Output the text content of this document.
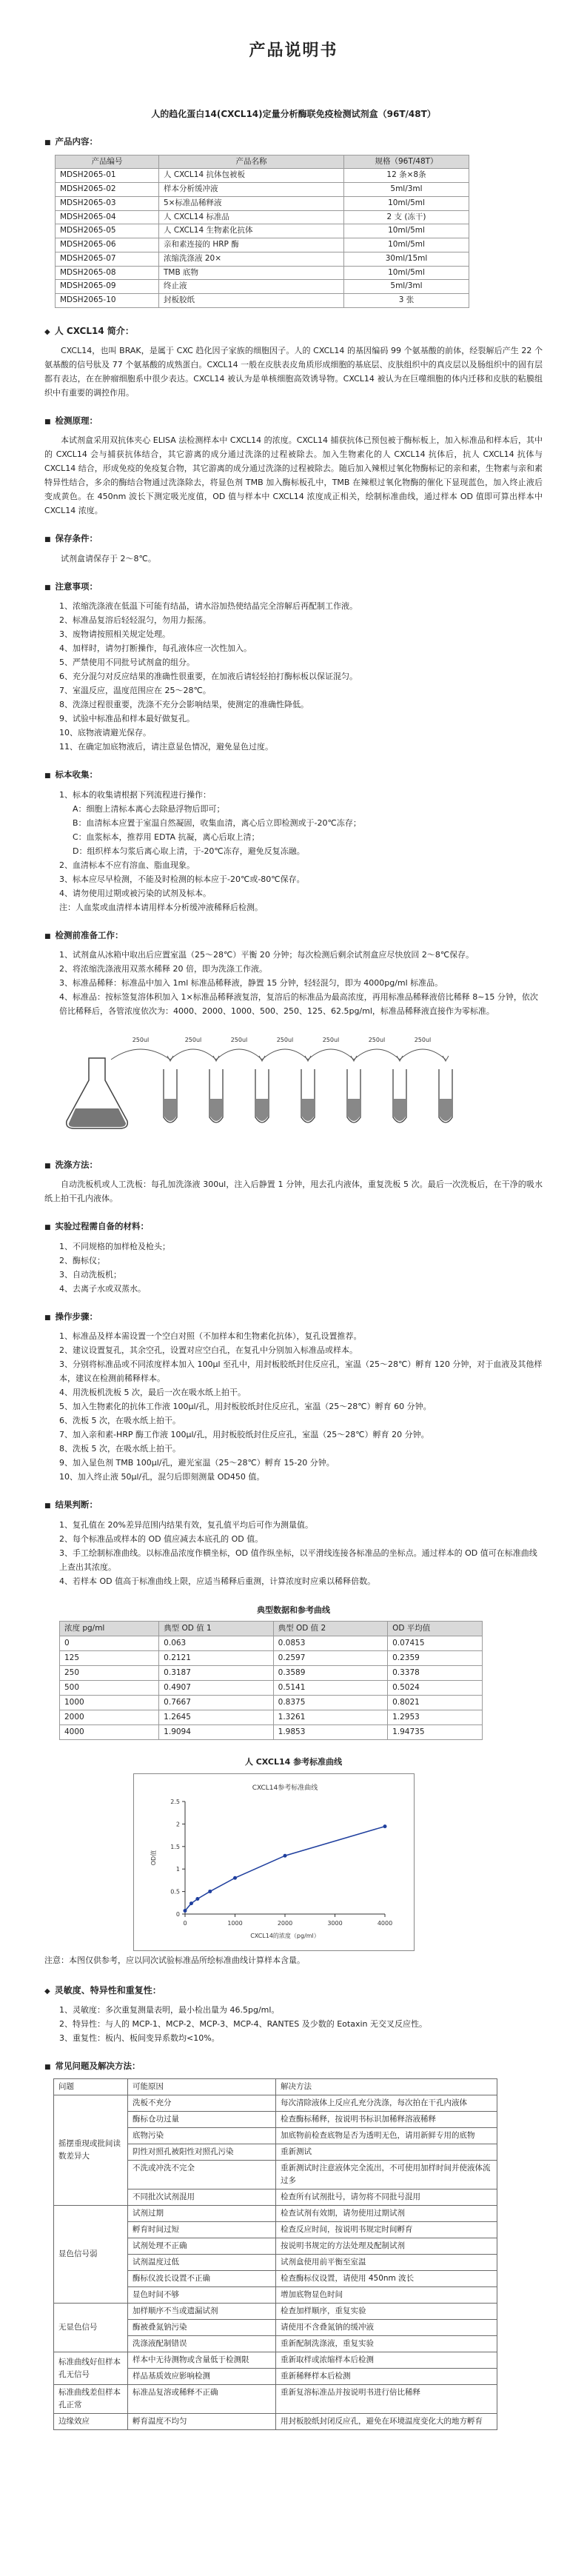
产品说明书
人的趋化蛋白14(CXCL14)定量分析酶联免疫检测试剂盒（96T/48T）
■ 产品内容：
产品编号	产品名称	规格（96T/48T）
MDSH2065-01	人 CXCL14 抗体包被板	12 条×8条
MDSH2065-02	样本分析缓冲液	5ml/3ml
MDSH2065-03	5×标准品稀释液	10ml/5ml
MDSH2065-04	人 CXCL14 标准品	2 支 (冻干)
MDSH2065-05	人 CXCL14 生物素化抗体	10ml/5ml
MDSH2065-06	亲和素连接的 HRP 酶	10ml/5ml
MDSH2065-07	浓缩洗涤液 20×	30ml/15ml
MDSH2065-08	TMB 底物	10ml/5ml
MDSH2065-09	终止液	5ml/3ml
MDSH2065-10	封板胶纸	3 张
◆ 人 CXCL14 简介：

CXCL14，也叫 BRAK，是属于 CXC 趋化因子家族的细胞因子。人的 CXCL14 的基因编码 99 个氨基酸的前体，经裂解后产生 22 个氨基酸的信号肽及 77 个氨基酸的成熟蛋白。CXCL14 一般在皮肤表皮角质形成细胞的基底层、皮肤组织中的真皮层以及肠组织中的固有层都有表达，在在肿瘤细胞系中很少表达。CXCL14 被认为是单核细胞高效诱导物。CXCL14 被认为在巨噬细胞的体内迁移和皮肤的粘膜组织中有重要的调控作用。

■ 检测原理：

本试剂盒采用双抗体夹心 ELISA 法检测样本中 CXCL14 的浓度。CXCL14 捕获抗体已预包被于酶标板上，加入标准品和样本后，其中的 CXCL14 会与捕获抗体结合，其它游离的成分通过洗涤的过程被除去。加入生物素化的人 CXCL14 抗体后，抗人 CXCL14 抗体与 CXCL14 结合，形成免疫的免疫复合物，其它游离的成分通过洗涤的过程被除去。随后加入辣根过氧化物酶标记的亲和素，生物素与亲和素特异性结合，多余的酶结合物通过洗涤除去，将显色剂 TMB 加入酶标板孔中，TMB 在辣根过氧化物酶的催化下显现蓝色，加入终止液后变成黄色。在 450nm 波长下测定吸光度值，OD 值与样本中 CXCL14 浓度成正相关，绘制标准曲线，通过样本 OD 值即可算出样本中 CXCL14 浓度。

■ 保存条件：

试剂盒请保存于 2～8℃。

■ 注意事项：
1、浓缩洗涤液在低温下可能有结晶，请水浴加热使结晶完全溶解后再配制工作液。
2、标准品复溶后轻轻混匀，勿用力振荡。
3、废物请按照相关规定处理。
4、加样时，请勿打断操作，每孔液体应一次性加入。
5、严禁使用不同批号试剂盒的组分。
6、充分混匀对反应结果的准确性很重要，在加液后请轻轻拍打酶标板以保证混匀。
7、室温反应，温度范围应在 25～28℃。
8、洗涤过程很重要，洗涤不充分会影响结果，使测定的准确性降低。
9、试验中标准品和样本最好做复孔。
10、底物液请避光保存。
11、在确定加底物液后，请注意显色情况，避免显色过度。
■ 标本收集：
1、标本的收集请根据下列流程进行操作：
A：细胞上清标本离心去除悬浮物后即可；
B：血清标本应置于室温自然凝固，收集血清，离心后立即检测或于-20℃冻存；
C：血浆标本，推荐用 EDTA 抗凝，离心后取上清；
D：组织样本匀浆后离心取上清，于-20℃冻存，避免反复冻融。
2、血清标本不应有溶血、脂血现象。
3、标本应尽早检测，不能及时检测的标本应于-20℃或-80℃保存。
4、请勿使用过期或被污染的试剂及标本。
注：人血浆或血清样本请用样本分析缓冲液稀释后检测。
■ 检测前准备工作：
1、试剂盒从冰箱中取出后应置室温（25～28℃）平衡 20 分钟；每次检测后剩余试剂盒应尽快放回 2～8℃保存。
2、将浓缩洗涤液用双蒸水稀释 20 倍，即为洗涤工作液。
3、标准品稀释：标准品中加入 1ml 标准品稀释液，静置 15 分钟，轻轻混匀，即为 4000pg/ml 标准品。
4、标准品：按标签复溶体积加入 1×标准品稀释液复溶，复溶后的标准品为最高浓度，再用标准品稀释液倍比稀释 8~15 分钟，依次倍比稀释后，各管浓度依次为：4000、2000、1000、500、250、125、62.5pg/ml，标准品稀释液直接作为零标准。
250ul	250ul	250ul	250ul	250ul	250ul	250ul
■ 洗涤方法：

自动洗板机或人工洗板：每孔加洗涤液 300ul，注入后静置 1 分钟，甩去孔内液体，重复洗板 5 次。最后一次洗板后，在干净的吸水纸上拍干孔内液体。

■ 实验过程需自备的材料：
1、不同规格的加样枪及枪头；
2、酶标仪；
3、自动洗板机；
4、去离子水或双蒸水。
■ 操作步骤：
1、标准品及样本需设置一个空白对照（不加样本和生物素化抗体），复孔设置推荐。
2、建议设置复孔，其余空孔，设置对应空白孔，在复孔中分别加入标准品或样本。
3、分别将标准品或不同浓度样本加入 100μl 至孔中，用封板胶纸封住反应孔，室温（25～28℃）孵育 120 分钟，对于血液及其他样本，建议在检测前稀释样本。
4、用洗板机洗板 5 次，最后一次在吸水纸上拍干。
5、加入生物素化的抗体工作液 100μl/孔，用封板胶纸封住反应孔，室温（25～28℃）孵育 60 分钟。
6、洗板 5 次，在吸水纸上拍干。
7、加入亲和素-HRP 酶工作液 100μl/孔，用封板胶纸封住反应孔，室温（25～28℃）孵育 20 分钟。
8、洗板 5 次，在吸水纸上拍干。
9、加入显色剂 TMB 100μl/孔，避光室温（25～28℃）孵育 15-20 分钟。
10、加入终止液 50μl/孔，混匀后即刻测量 OD450 值。
■ 结果判断：
1、复孔值在 20%差异范围内结果有效，复孔值平均后可作为测量值。
2、每个标准品或样本的 OD 值应减去本底孔的 OD 值。
3、手工绘制标准曲线。以标准品浓度作横坐标，OD 值作纵坐标，以平滑线连接各标准品的坐标点。通过样本的 OD 值可在标准曲线上查出其浓度。
4、若样本 OD 值高于标准曲线上限，应适当稀释后重测，计算浓度时应乘以稀释倍数。
典型数据和参考曲线
浓度 pg/ml	典型 OD 值 1	典型 OD 值 2	OD 平均值
0	0.063	0.0853	0.07415
125	0.2121	0.2597	0.2359
250	0.3187	0.3589	0.3378
500	0.4907	0.5141	0.5024
1000	0.7667	0.8375	0.8021
2000	1.2645	1.3261	1.2953
4000	1.9094	1.9853	1.94735
人 CXCL14 参考标准曲线
CXCL14参考标准曲线
0	1000	2000	3000	4000
0
0.5
1
1.5
2
2.5
CXCL14的浓度（pg/ml）
OD值

注意：本图仅供参考，应以同次试验标准品所绘标准曲线计算样本含量。

◆ 灵敏度、特异性和重复性：
1、灵敏度：多次重复测量表明，最小检出量为 46.5pg/ml。
2、特异性：与人的 MCP-1、MCP-2、MCP-3、MCP-4、RANTES 及少数的 Eotaxin 无交叉反应性。
3、重复性：板内、板间变异系数均<10%。
■ 常见问题及解决方法：
问题	可能原因	解决方法
摇摆重现或批间读数差异大	洗板不充分	每次清除液体上反应孔充分洗涤，每次拍在干孔内液体
	酶标仓功过量	检查酶标稀释，按说明书标识加稀释溶液稀释
	底物污染	加底物前检查底物是否为透明无色，请用新鲜专用的底物
	阴性对照孔被阳性对照孔污染	重新测试
	不洗或冲洗不完全	重新测试时注意液体完全流出，不可使用加样时间并使液体流过多
	不同批次试剂混用	检查所有试剂批号，请勿将不同批号混用
显色信号弱	试剂过期	检查试剂有效期，请勿使用过期试剂
	孵育时间过短	检查反应时间，按说明书规定时间孵育
	试剂处理不正确	按说明书规定的方法处理及配制试剂
	试剂温度过低	试剂盒使用前平衡至室温
	酶标仪波长设置不正确	检查酶标仪设置，请使用 450nm 波长
	显色时间不够	增加底物显色时间
无显色信号	加样顺序不当或遗漏试剂	检查加样顺序，重复实验
	酶被叠氮钠污染	请使用不含叠氮钠的缓冲液
	洗涤液配制错误	重新配制洗涤液，重复实验
标准曲线好但样本孔无信号	样本中无待测物或含量低于检测限	重新取样或浓缩样本后检测
	样品基质效应影响检测	重新稀释样本后检测
标准曲线差但样本孔正常	标准品复溶或稀释不正确	重新复溶标准品并按说明书进行倍比稀释
边缘效应	孵育温度不均匀	用封板胶纸封闭反应孔，避免在环境温度变化大的地方孵育
